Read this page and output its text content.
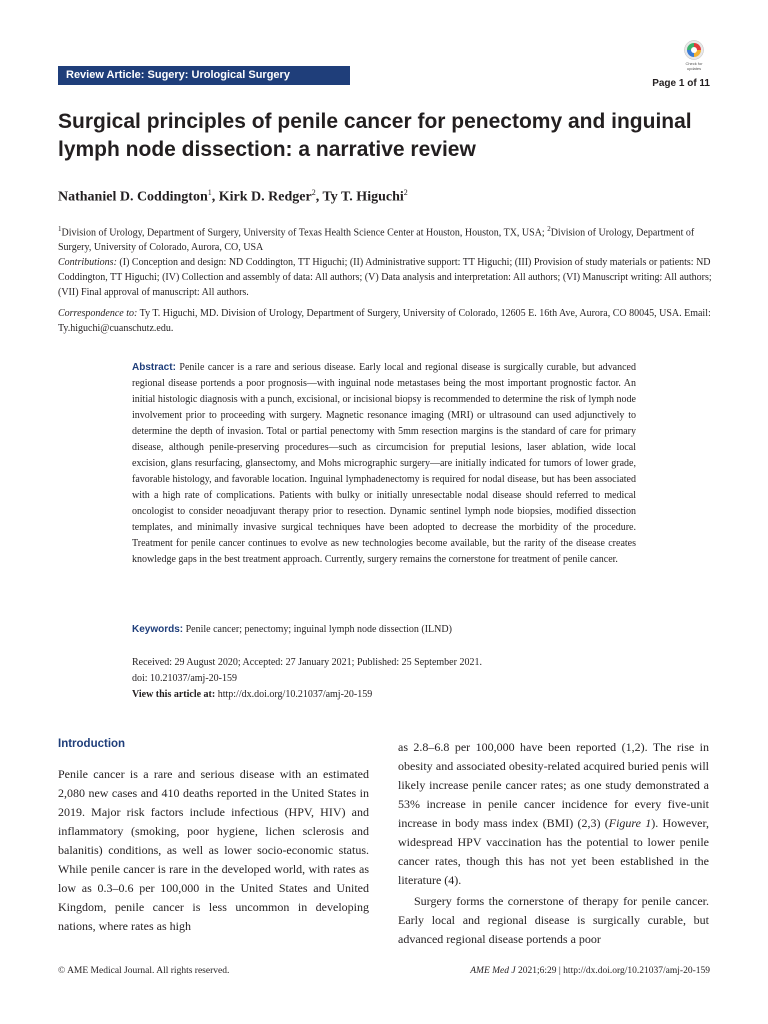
Review Article: Sugery: Urological Surgery
Check for updates
Page 1 of 11
Surgical principles of penile cancer for penectomy and inguinal lymph node dissection: a narrative review
Nathaniel D. Coddington$^1$, Kirk D. Redger$^2$, Ty T. Higuchi$^2$
$^1$Division of Urology, Department of Surgery, University of Texas Health Science Center at Houston, Houston, TX, USA; $^2$Division of Urology, Department of Surgery, University of Colorado, Aurora, CO, USA
Contributions: (I) Conception and design: ND Coddington, TT Higuchi; (II) Administrative support: TT Higuchi; (III) Provision of study materials or patients: ND Coddington, TT Higuchi; (IV) Collection and assembly of data: All authors; (V) Data analysis and interpretation: All authors; (VI) Manuscript writing: All authors; (VII) Final approval of manuscript: All authors.
Correspondence to: Ty T. Higuchi, MD. Division of Urology, Department of Surgery, University of Colorado, 12605 E. 16th Ave, Aurora, CO 80045, USA. Email: Ty.higuchi@cuanschutz.edu.
Abstract: Penile cancer is a rare and serious disease. Early local and regional disease is surgically curable, but advanced regional disease portends a poor prognosis—with inguinal node metastases being the most important prognostic factor. An initial histologic diagnosis with a punch, excisional, or incisional biopsy is recommended to determine the risk of lymph node involvement prior to proceeding with surgery. Magnetic resonance imaging (MRI) or ultrasound can used adjunctively to determine the depth of invasion. Total or partial penectomy with 5mm resection margins is the standard of care for primary disease, although penile-preserving procedures—such as circumcision for preputial lesions, laser ablation, wide local excision, glans resurfacing, glansectomy, and Mohs micrographic surgery—are initially indicated for tumors of lower grade, favorable histology, and favorable location. Inguinal lymphadenectomy is required for nodal disease, but has been associated with a high rate of complications. Patients with bulky or initially unresectable nodal disease should referred to medical oncologist to consider neoadjuvant therapy prior to resection. Dynamic sentinel lymph node biopsies, modified dissection templates, and minimally invasive surgical techniques have been adopted to decrease the morbidity of the procedure. Treatment for penile cancer continues to evolve as new technologies become available, but the rarity of the disease creates knowledge gaps in the best treatment approach. Currently, surgery remains the cornerstone for treatment of penile cancer.
Keywords: Penile cancer; penectomy; inguinal lymph node dissection (ILND)
Received: 29 August 2020; Accepted: 27 January 2021; Published: 25 September 2021.
doi: 10.21037/amj-20-159
View this article at: http://dx.doi.org/10.21037/amj-20-159
Introduction
Penile cancer is a rare and serious disease with an estimated 2,080 new cases and 410 deaths reported in the United States in 2019. Major risk factors include infectious (HPV, HIV) and inflammatory (smoking, poor hygiene, lichen sclerosis and balanitis) conditions, as well as lower socio-economic status. While penile cancer is rare in the developed world, with rates as low as 0.3–0.6 per 100,000 in the United States and United Kingdom, penile cancer is less uncommon in developing nations, where rates as high

as 2.8–6.8 per 100,000 have been reported (1,2). The rise in obesity and associated obesity-related acquired buried penis will likely increase penile cancer rates; as one study demonstrated a 53% increase in penile cancer incidence for every five-unit increase in body mass index (BMI) (2,3) (Figure 1). However, widespread HPV vaccination has the potential to lower penile cancer rates, though this has not yet been established in the literature (4).

Surgery forms the cornerstone of therapy for penile cancer. Early local and regional disease is surgically curable, but advanced regional disease portends a poor

© AME Medical Journal. All rights reserved.	AME Med J 2021;6:29 | http://dx.doi.org/10.21037/amj-20-159
